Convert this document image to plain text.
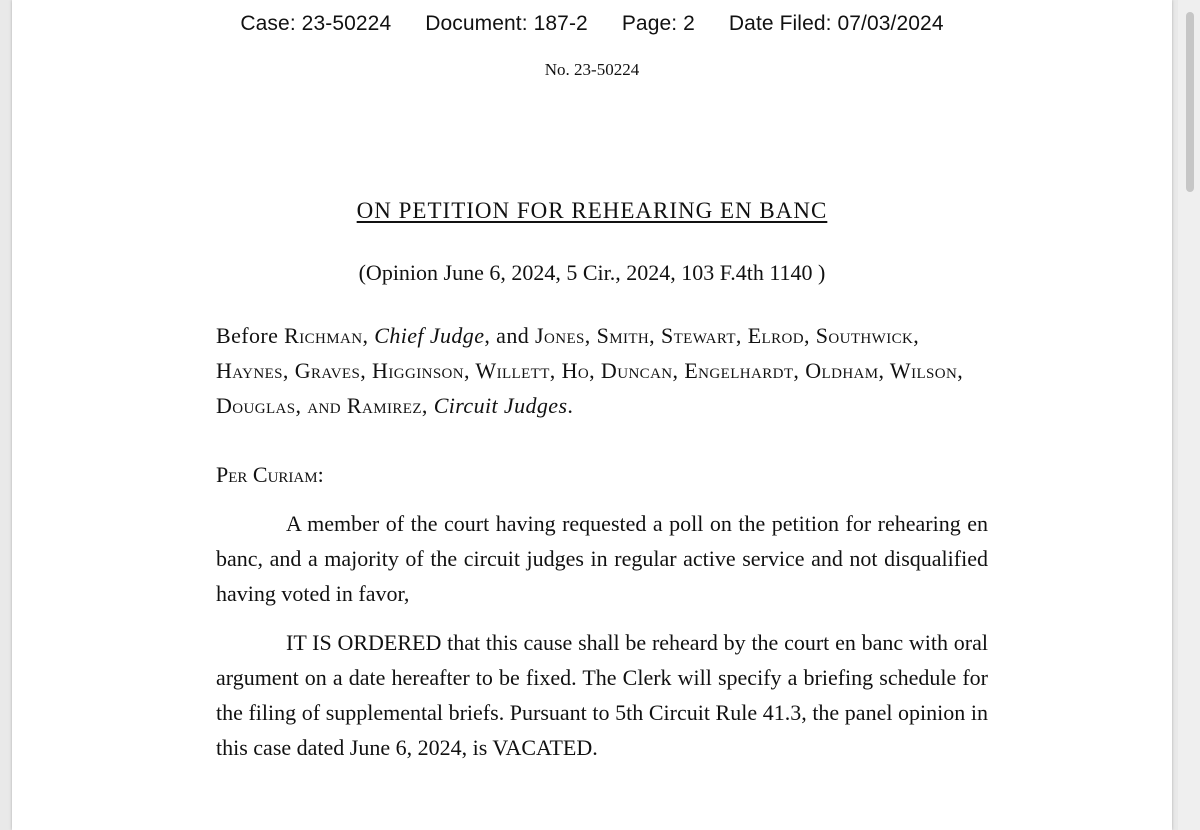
Case: 23-50224 Document: 187-2 Page: 2 Date Filed: 07/03/2024
No. 23-50224
ON PETITION FOR REHEARING EN BANC
(Opinion June 6, 2024, 5 Cir., 2024, 103 F.4th 1140 )
Before Richman, Chief Judge, and Jones, Smith, Stewart, Elrod, Southwick, Haynes, Graves, Higginson, Willett, Ho, Duncan, Engelhardt, Oldham, Wilson, Douglas, and Ramirez, Circuit Judges.
Per Curiam:
A member of the court having requested a poll on the petition for rehearing en banc, and a majority of the circuit judges in regular active service and not disqualified having voted in favor,
IT IS ORDERED that this cause shall be reheard by the court en banc with oral argument on a date hereafter to be fixed. The Clerk will specify a briefing schedule for the filing of supplemental briefs. Pursuant to 5th Circuit Rule 41.3, the panel opinion in this case dated June 6, 2024, is VACATED.
